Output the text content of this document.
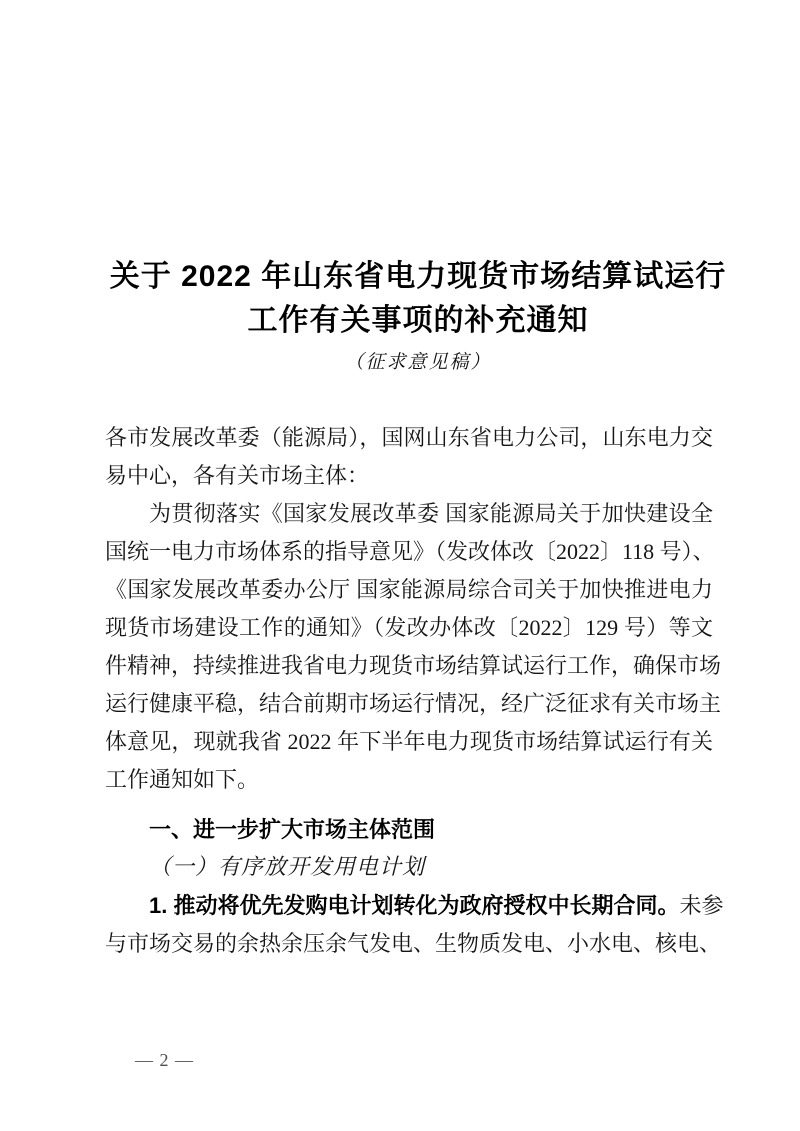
关于 2022 年山东省电力现货市场结算试运行
工作有关事项的补充通知
（征求意见稿）
各市发展改革委（能源局），国网山东省电力公司，山东电力交
易中心，各有关市场主体：
为贯彻落实《国家发展改革委 国家能源局关于加快建设全
国统一电力市场体系的指导意见》（发改体改〔2022〕118 号）、
《国家发展改革委办公厅 国家能源局综合司关于加快推进电力
现货市场建设工作的通知》（发改办体改〔2022〕129 号）等文
件精神，持续推进我省电力现货市场结算试运行工作，确保市场
运行健康平稳，结合前期市场运行情况，经广泛征求有关市场主
体意见，现就我省 2022 年下半年电力现货市场结算试运行有关
工作通知如下。
一、进一步扩大市场主体范围
（一）有序放开发用电计划
1. 推动将优先发购电计划转化为政府授权中长期合同。未参
与市场交易的余热余压余气发电、生物质发电、小水电、核电、
— 2 —
